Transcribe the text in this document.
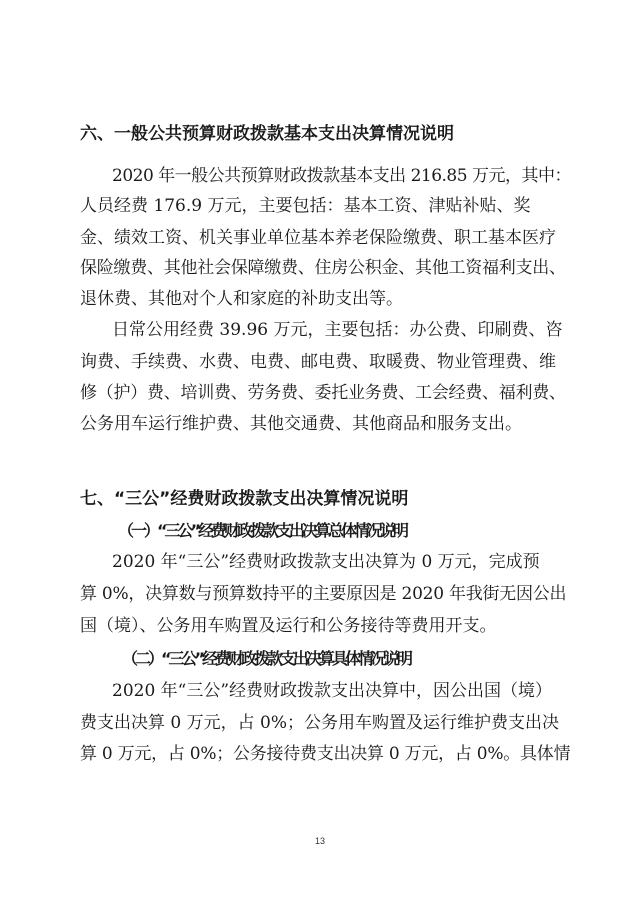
六、一般公共预算财政拨款基本支出决算情况说明
2020 年一般公共预算财政拨款基本支出 216.85 万元，其中：
人员经费 176.9 万元，主要包括：基本工资、津贴补贴、奖
金、绩效工资、机关事业单位基本养老保险缴费、职工基本医疗
保险缴费、其他社会保障缴费、住房公积金、其他工资福利支出、
退休费、其他对个人和家庭的补助支出等。
日常公用经费 39.96 万元，主要包括：办公费、印刷费、咨
询费、手续费、水费、电费、邮电费、取暖费、物业管理费、维
修（护）费、培训费、劳务费、委托业务费、工会经费、福利费、
公务用车运行维护费、其他交通费、其他商品和服务支出。
七、“三公”经费财政拨款支出决算情况说明
（一）“三公”经费财政拨款支出决算总体情况说明
2020 年“三公”经费财政拨款支出决算为 0 万元，完成预
算 0%，决算数与预算数持平的主要原因是 2020 年我街无因公出
国（境）、公务用车购置及运行和公务接待等费用开支。
（二）“三公”经费财政拨款支出决算具体情况说明
2020 年“三公”经费财政拨款支出决算中，因公出国（境）
费支出决算 0 万元，占 0%；公务用车购置及运行维护费支出决
算 0 万元，占 0%；公务接待费支出决算 0 万元，占 0%。具体情
13
